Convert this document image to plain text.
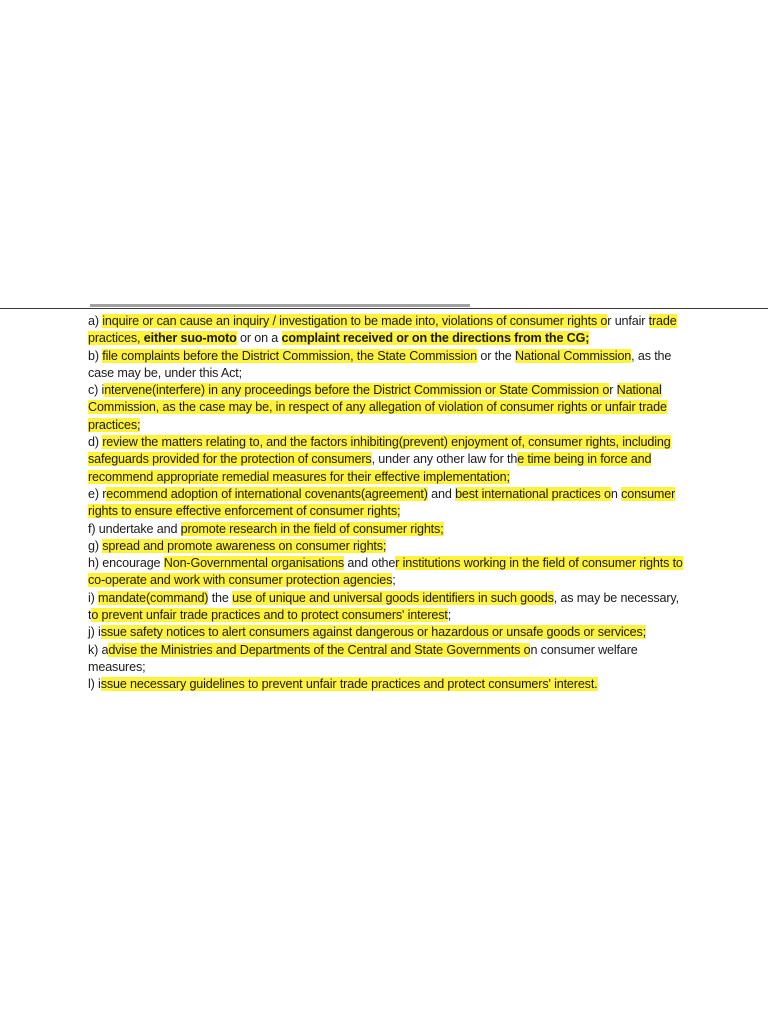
a) inquire or can cause an inquiry / investigation to be made into, violations of consumer rights or unfair trade practices, either suo-moto or on a complaint received or on the directions from the CG;

b) file complaints before the District Commission, the State Commission or the National Commission, as the case may be, under this Act;

c) intervene(interfere) in any proceedings before the District Commission or State Commission or National Commission, as the case may be, in respect of any allegation of violation of consumer rights or unfair trade practices;

d) review the matters relating to, and the factors inhibiting(prevent) enjoyment of, consumer rights, including safeguards provided for the protection of consumers, under any other law for the time being in force and recommend appropriate remedial measures for their effective implementation;

e) recommend adoption of international covenants(agreement) and best international practices on consumer rights to ensure effective enforcement of consumer rights;

f) undertake and promote research in the field of consumer rights;

g) spread and promote awareness on consumer rights;

h) encourage Non-Governmental organisations and other institutions working in the field of consumer rights to co-operate and work with consumer protection agencies;

i) mandate(command) the use of unique and universal goods identifiers in such goods, as may be necessary, to prevent unfair trade practices and to protect consumers' interest;

j) issue safety notices to alert consumers against dangerous or hazardous or unsafe goods or services;

k) advise the Ministries and Departments of the Central and State Governments on consumer welfare measures;

l) issue necessary guidelines to prevent unfair trade practices and protect consumers' interest.
